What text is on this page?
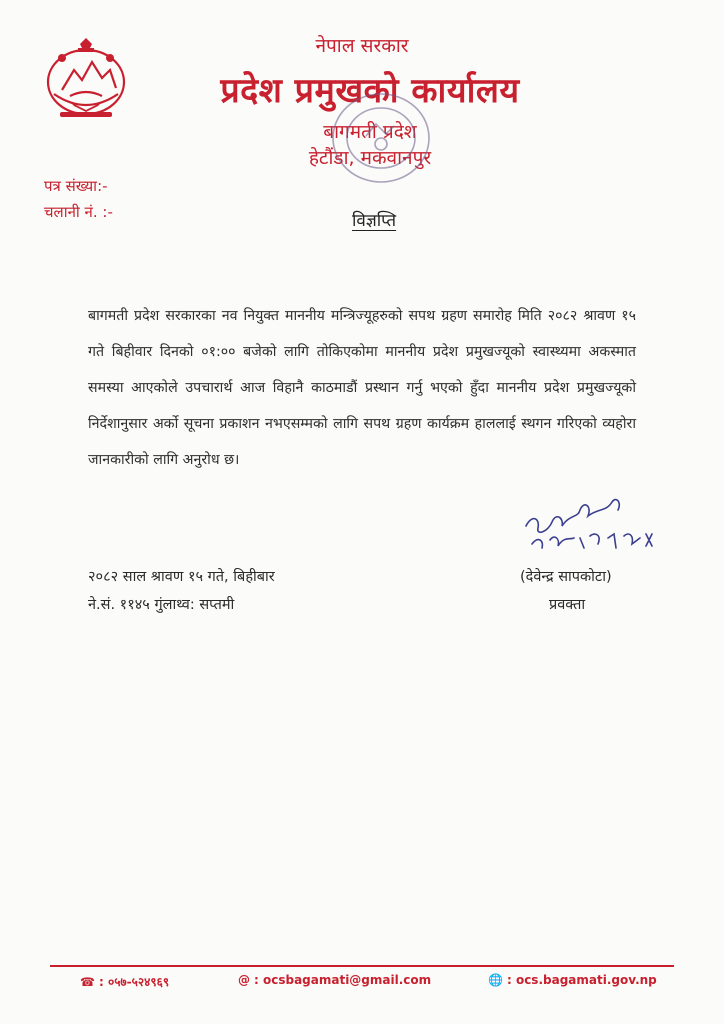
नेपाल सरकार
प्रदेश प्रमुखको कार्यालय
बागमती प्रदेश
हेटौंडा, मकवानपुर
पत्र संख्या:-
चलानी नं. :-	विज्ञप्ति
बागमती प्रदेश सरकारका नव नियुक्त माननीय मन्त्रिज्यूहरुको सपथ ग्रहण समारोह मिति २०८२ श्रावण १५ गते बिहीवार दिनको ०१:०० बजेको लागि तोकिएकोमा माननीय प्रदेश प्रमुखज्यूको स्वास्थ्यमा अकस्मात समस्या आएकोले उपचारार्थ आज विहानै काठमाडौं प्रस्थान गर्नु भएको हुँदा माननीय प्रदेश प्रमुखज्यूको निर्देशानुसार अर्को सूचना प्रकाशन नभएसम्मको लागि सपथ ग्रहण कार्यक्रम हाललाई स्थगन गरिएको व्यहोरा जानकारीको लागि अनुरोध छ।
२०८२ साल श्रावण १५ गते, बिहीबार
ने.सं. ११४५ गुंलाथ्व: सप्तमी
(देवेन्द्र सापकोटा)
प्रवक्ता
☎ : ०५७-५२४९६९	@ : ocsbagamati@gmail.com	🌐 : ocs.bagamati.gov.np
